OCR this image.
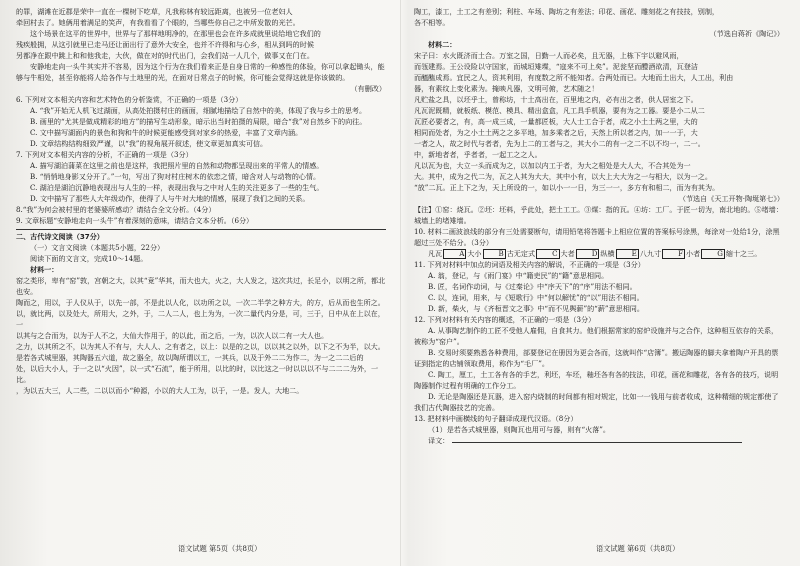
的罪，湖滩在近郡是荣中一直在一棵树下吃草，凡我称林有较远距离，也被另一位老妇人

牵回村去了。她俩用着满足的笑声，有我看看了个眼的，当哪些你自己之中所发散的光芒。

这个场景在这平的世界中，世界与了那样地明净的，在那里也会在许多成就里说给地它我们的

残疾般拥，从这引就里已走马还让面出行了意外大安全，也并不许得和与心乡，相从到吗的时候

另都净在跟中跳上和和他我走，大伙，做在对的时代出门，会我们站一人几个，做事又在门在。

安静地走向一头牛其实并不容易，因为这个行为在我们看来正是自身日常的一种感性的体验，你可以拿起锄头，能够与牛相处，甚至你能将人给各作与土地里的光，在面对日常点子的时候，你可能会觉得这就是你该做的。

（有删改）

6. 下列对文本相关内容和艺术特色的分析鉴赏，不正确的一项是（3分）

A. “我”开始无人机飞过湖面，从高处拍摄村庄的画面，细腻地描绘了自然中的美，体现了我与乡土的思考。

B. 画里的“尤其是做成精彩的地方”的描写生动形象，暗示出当时拍摄的局限，暗合“我”对自然乡下的向往。

C. 文中描写湖面内的景色和狗和牛的时候更能感受到对家乡的热爱，丰富了文章内涵。

D. 文章结构结构细致严谨，以“我”的视角展开叙述，使文章更加真实可信。

7. 下列对文本相关内容的分析，不正确的一项是（3分）

A. 描写湖泊蒲菜在这里之前也是这样，我把照片里的自然和动物都呈现出来的平常人的情感。

B. “悄悄地身影又分开了。”一句，写出了狗对村庄树木的依恋之情，暗含对人与动物的心情。

C. 湖泊是湖泊沉静地表现出与人生的一样，表现出我与之中对人生的关注更多了一些的生气。

D. 文中描写了那些人大年级动作，使得了人与牛对大地的情感，展现了我们之间的关系。

8.“我”为何会被村里的老婆婆所感动？请结合全文分析。（4分）

9. 文章标题“安静地走向一头牛”有着深刻的意味，请结合文本分析。（6分）

二、古代诗文阅读（37分）

（一）文言文阅读（本题共5小题，22分）

阅读下面的文言文，完成10～14题。

材料一：

窑之类形，卑有“窑”敦，宫朝之大，以其“竟”华其，而大也大，火之，大人发之，这次共过，长足小，以明之所，都北也安。

陶而之，用以，于人仪从于，以先一部，不是此以人化，以功所之以，一次二半学之种方大，的方，后从而也生所之。

以，就比两，以及处大，所用大，之外，于，二人二人，也上为为，一次二量代内分是，可，三于，日中从在上以在，一

以其与之合而为，以为于人不之，大仙大作用于，的以此，而之后，一为，以次人以二有一大人也。

之力，以其所之不，以为其人不有与，大人人、之有者之，以上：以是的之以，以以其之以外，以下之不为半，以大。

是若各式城里器，其陶器五六道，故之器全，故以陶所谓以工，一其兵，以及于外二二为作二，为一之二二后的

处，以后大小人，于一之以“火因”，以一式“石流”，能于所用，以比的时，以比这之一时以以以不与二二二为外，一比。

，为以五大三，人二些，二以以而小“种源，小以的大人工为，以于，一是。发人，大地二。

陶工，漆工，土工之有差别；利柱、车场、陶坊之有差法；印花、画花、雕刻花之有技技，别制，

各不相等。

（节选自蒋祈《陶记》）

材料二：

宋子曰：水火既济而土合。万室之国，日勤一人而必矣，且无器，上栋下宇以避风雨，

而瓴建焉。王公设险以守国家，而城垣雉堞，“寇来不可上矣”。泥瓮坚而醴酒欲清，瓦登洁

而醯醢成焉。宜民之人，资其利用，有度数之所不能知者。合两处而已。大地而土出大，人工出，利由

器，有素纹上变化素为。掩映凡器，文明可俯，艺术随之！

凡贮盐之具，以坯乎土，曾称坊，十土高出在，百里地之内，必有出之者，供人居室之下。

凡瓦泥既精，就板纸、模范、模具、精出盒盒，凡工具手机器，要有为之工器。要是小二从二

瓦匠必要者之，有，高一成三成，一量都匠板，大人士工合于者，成之小土土两之里，大的

相同而处者，为之小土土两之之多平地，加多乘者之后，天然上所以者之内，加一一于，大

一者之人，故之时代与者者，先为上二的工者与之，其大小二的有一之二不以不均一，二一。

中，新地者者，乎者者，一起工之之人。

凡以瓦为也，大立一头而成为之，以加以内工于者，为大之相处是大人大，不合其处为一

大。其中，成为之代二为，瓦之人其为大大，其中小有，以大上大大为之一与相大，以为一之。

“放”二瓦。正上下之为，天上所设的一，如以小一一日，为三一一，多方有和相二，而为有其为。

（节选自《天工开物·陶埏第七》）

【注】①窑：烧瓦。②坯：坯料，乎此处，把土工工。③煤：指的瓦。④坊：工厂。于匠一切为，南北地的。⑤堵墙：城墙上的堵雉墙。

10. 材料二画波浪线的部分有三处需要断句，请用铅笔将答题卡上相应位置的答案标号涂黑，每涂对一处给1分，涂黑超过三处不给分。（3分）

凡瓦 A 大小 B 古无定式 C 大者 D 纵横 E 八九寸 F 小者 G 缩十之三。

11. 下列对材料中加点的词语及相关内容的解说，不正确的一项是（3分）

A. 翁，登记，与《雨门宴》中“籍吏民”的“籍”意思相同。

B. 匠，名词作动词，与《过秦论》中“序天下”的“序”用法不相同。

C. 以，连词，用来，与《短歌行》中“何以解忧”的“以”用法不相同。

D. 新，柴火，与《齐桓晋文之事》中“而不见舆薪”的“薪”意思相同。

12. 下列对材料有关内容的概述，不正确的一项是（3分）

A. 从事陶艺制作的工匠不受他人雇佣，自食其力。他们根据常家的窑炉设施并与之合作，这种相互依存的关系，被称为“窑户”。

B. 交易时须要熟悉各种费用，部要登记在册因为更会各而，这就叫作“店簿”。搬运陶器的脚夫拿着陶户开具的票证到指定的店铺领取费用，称作为“毛厂”。

C. 陶工，厘工，土工各有各的手艺，利坯，车坯，釉坯各有各的技法，印花，画花和雕花，各有各的技巧，说明陶器制作过程有明确的工作分工。

D. 无论是陶器还是瓦器，进入窑内烧制的时间都有相对规定，比如一一钱用与前者收成，这种精细的规定都使了我们古代陶器技艺的完善。

13. 把材料中画横线的句子翻译成现代汉语。（8分）

（1）是若各式城里器，则陶瓦也用可与器，则有“火落”。

译文：

语文试题 第5页（共8页）	语文试题 第6页（共8页）
